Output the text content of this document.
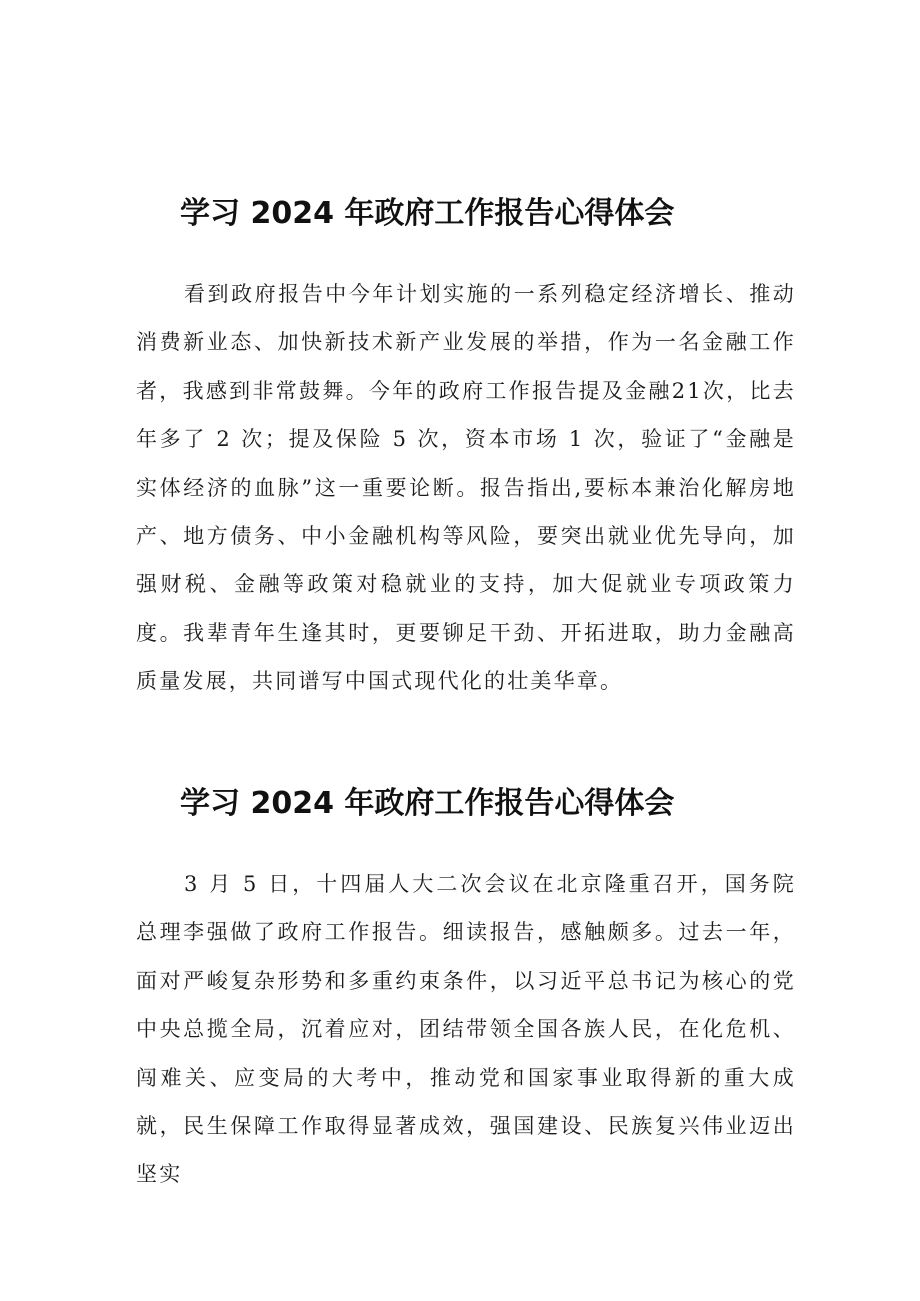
学习 2024 年政府工作报告心得体会

看到政府报告中今年计划实施的一系列稳定经济增长、推动消费新业态、加快新技术新产业发展的举措，作为一名金融工作者，我感到非常鼓舞。今年的政府工作报告提及金融21次，比去年多了 2 次；提及保险 5 次，资本市场 1 次，验证了“金融是实体经济的血脉”这一重要论断。报告指出,要标本兼治化解房地产、地方债务、中小金融机构等风险，要突出就业优先导向，加强财税、金融等政策对稳就业的支持，加大促就业专项政策力度。我辈青年生逢其时，更要铆足干劲、开拓进取，助力金融高质量发展，共同谱写中国式现代化的壮美华章。

学习 2024 年政府工作报告心得体会

3 月 5 日，十四届人大二次会议在北京隆重召开，国务院总理李强做了政府工作报告。细读报告，感触颇多。过去一年，面对严峻复杂形势和多重约束条件，以习近平总书记为核心的党中央总揽全局，沉着应对，团结带领全国各族人民，在化危机、闯难关、应变局的大考中，推动党和国家事业取得新的重大成就，民生保障工作取得显著成效，强国建设、民族复兴伟业迈出坚实
